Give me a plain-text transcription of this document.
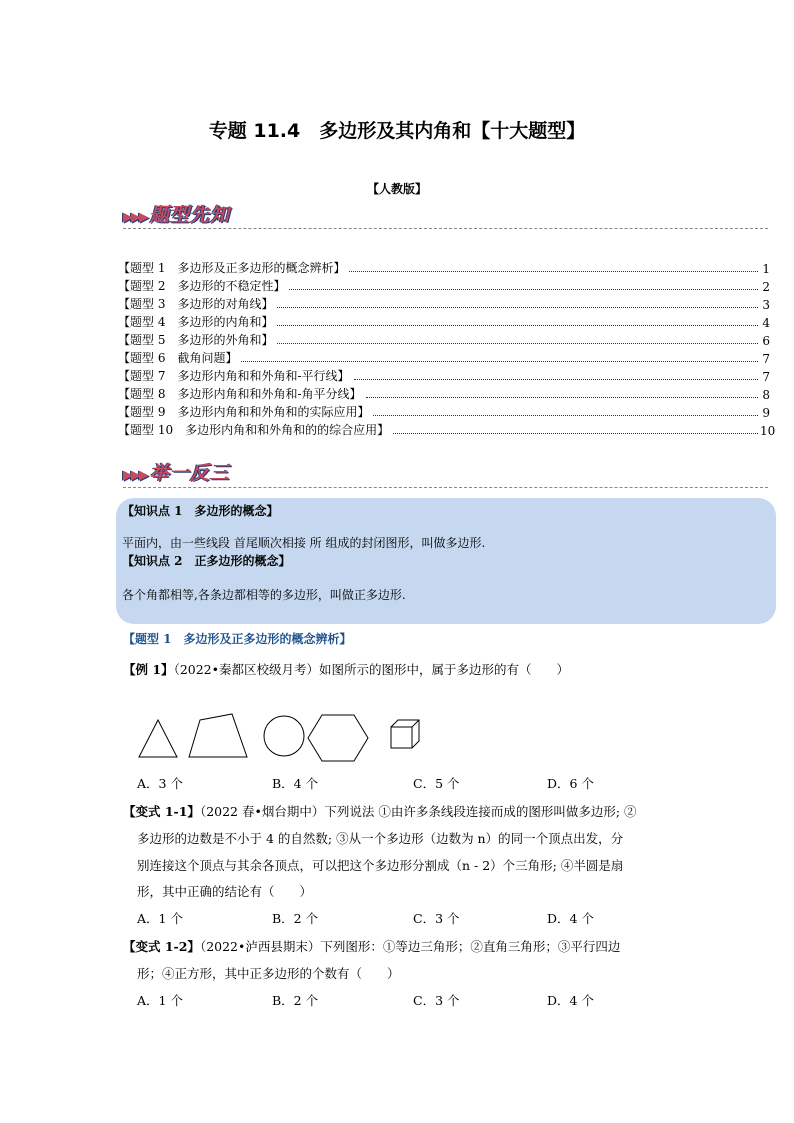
专题 11.4　多边形及其内角和【十大题型】
【人教版】
▶▶▶ 题型先知
【题型 1　多边形及正多边形的概念辨析】	1
【题型 2　多边形的不稳定性】	2
【题型 3　多边形的对角线】	3
【题型 4　多边形的内角和】	4
【题型 5　多边形的外角和】	6
【题型 6　截角问题】	7
【题型 7　多边形内角和和外角和-平行线】	7
【题型 8　多边形内角和和外角和-角平分线】	8
【题型 9　多边形内角和和外角和的实际应用】	9
【题型 10　多边形内角和和外角和的的综合应用】	10
▶▶▶ 举一反三
【知识点 1　多边形的概念】
平面内，由一些线段 首尾顺次相接 所 组成的封闭图形，叫做多边形.
【知识点 2　正多边形的概念】
各个角都相等,各条边都相等的多边形，叫做正多边形.
【题型 1　多边形及正多边形的概念辨析】
【例 1】（2022•秦都区校级月考）如图所示的图形中，属于多边形的有（　　）
A．3 个	B．4 个	C．5 个	D．6 个
【变式 1-1】（2022 春•烟台期中）下列说法 ①由许多条线段连接而成的图形叫做多边形; ②
多边形的边数是不小于 4 的自然数; ③从一个多边形（边数为 n）的同一个顶点出发，分
别连接这个顶点与其余各顶点，可以把这个多边形分割成（n - 2）个三角形; ④半圆是扇
形，其中正确的结论有（　　）
A．1 个	B．2 个	C．3 个	D．4 个
【变式 1-2】（2022•泸西县期末）下列图形：①等边三角形；②直角三角形；③平行四边
形；④正方形，其中正多边形的个数有（　　）
A．1 个	B．2 个	C．3 个	D．4 个
